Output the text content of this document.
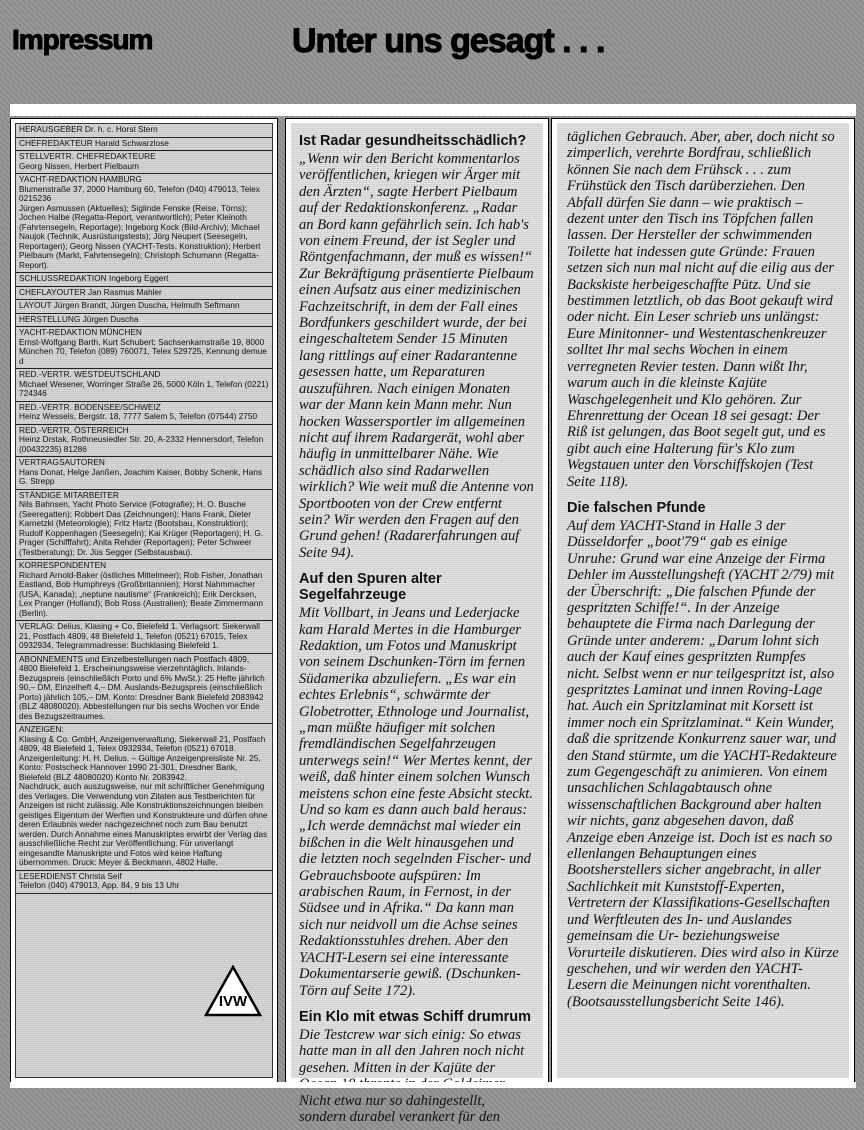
Impressum	Unter uns gesagt . . .
HERAUSGEBER Dr. h. c. Horst Stern
CHEFREDAKTEUR Harald Schwarzlose
STELLVERTR. CHEFREDAKTEURE
Georg Nissen, Herbert Pielbaum
YACHT-REDAKTION HAMBURG
Blumenstraße 37, 2000 Hamburg 60, Telefon (040) 479013, Telex 0215236
Jürgen Asmussen (Aktuelles); Siglinde Fenske (Reise, Törns); Jochen Halbe (Regatta-Report, verantwortlich); Peter Kleinoth (Fahrtensegeln, Reportage); Ingeborg Kock (Bild-Archiv); Michael Naujok (Technik, Ausrüstungstests); Jörg Neupert (Seesegeln, Reportagen); Georg Nissen (YACHT-Tests, Konstruktion); Herbert Pielbaum (Markt, Fahrtensegeln); Christoph Schumann (Regatta-Report).
SCHLUSSREDAKTION Ingeborg Eggert
CHEFLAYOUTER Jan Rasmus Mahler
LAYOUT Jürgen Brandt, Jürgen Duscha, Helmuth Seftmann
HERSTELLUNG Jürgen Duscha
YACHT-REDAKTION MÜNCHEN
Ernst-Wolfgang Barth, Kurt Schubert; Sachsenkamstraße 19, 8000 München 70, Telefon (089) 760071, Telex 529725, Kennung demue d
RED.-VERTR. WESTDEUTSCHLAND
Michael Wesener, Worringer Straße 26, 5000 Köln 1, Telefon (0221) 724346
RED.-VERTR. BODENSEE/SCHWEIZ
Heinz Wessels, Bergstr. 18, 7777 Salem 5, Telefon (07544) 2750
RED.-VERTR. ÖSTERREICH
Heinz Drstak, Rothneusiedler Str. 20, A-2332 Hennersdorf, Telefon (00432235) 81286
VERTRAGSAUTOREN
Hans Donat, Helge Janßen, Joachim Kaiser, Bobby Schenk, Hans G. Strepp
STÄNDIGE MITARBEITER
Nils Bahnsen, Yacht Photo Service (Fotografie); H. O. Busche (Seeregatten); Robbert Das (Zeichnungen); Hans Frank, Dieter Karnetzki (Meteorologie); Fritz Hartz (Bootsbau, Konstruktion); Rudolf Koppenhagen (Seesegeln); Kai Krüger (Reportagen); H. G. Prager (Schifffahrt); Anita Rehder (Reportagen); Peter Schweer (Testberatung); Dr. Jüs Segger (Selbstausbau).
KORRESPONDENTEN
Richard Arnold-Baker (östliches Mittelmeer); Rob Fisher, Jonathan Eastland, Bob Humphreys (Großbritannien); Horst Nahmmacher (USA, Kanada); „neptune nautisme“ (Frankreich); Erik Dercksen, Lex Pranger (Holland); Bob Ross (Australien); Beate Zimmermann (Berlin).
VERLAG: Delius, Klasing + Co, Bielefeld 1. Verlagsort: Siekerwall 21, Postfach 4809, 48 Bielefeld 1, Telefon (0521) 67015, Telex 0932934, Telegrammadresse: Buchklasing Bielefeld 1.
ABONNEMENTS und Einzelbestellungen nach Postfach 4809, 4800 Bielefeld 1. Erscheinungsweise vierzehntäglich. Inlands-Bezugspreis (einschließlich Porto und 6% MwSt.): 25 Hefte jährlich 90,– DM, Einzelheft 4,– DM. Auslands-Bezugspreis (einschließlich Porto) jährlich 105,– DM. Konto: Dresdner Bank Bielefeld 2083942 (BLZ 48080020). Abbestellungen nur bis sechs Wochen vor Ende des Bezugszeitraumes.
ANZEIGEN:
Klasing & Co. GmbH, Anzeigenverwaltung, Siekerwall 21, Postfach 4809, 48 Bielefeld 1, Telex 0932934, Telefon (0521) 67018. Anzeigenleitung: H. H. Delius. – Gültige Anzeigenpreisliste Nr. 25, Konto: Postscheck Hannover 1990 21-301, Dresdner Bank, Bielefeld (BLZ 48080020) Konto Nr. 2083942.
Nachdruck, auch auszugsweise, nur mit schriftlicher Genehmigung des Verlages. Die Verwendung von Zitaten aus Testberichten für Anzeigen ist nicht zulässig. Alle Konstruktionszeichnungen bleiben geistiges Eigentum der Werften und Konstrukteure und dürfen ohne deren Erlaubnis weder nachgezeichnet noch zum Bau benutzt werden. Durch Annahme eines Manuskriptes erwirbt der Verlag das ausschließliche Recht zur Veröffentlichung. Für unverlangt eingesandte Manuskripte und Fotos wird keine Haftung übernommen. Druck: Meyer & Beckmann, 4802 Halle.
LESERDIENST Christa Seif
Telefon (040) 479013, App. 84, 9 bis 13 Uhr
IVW
Ist Radar gesundheitsschädlich?

„Wenn wir den Bericht kommentarlos veröffentlichen, kriegen wir Ärger mit den Ärzten“, sagte Herbert Pielbaum auf der Redaktionskonferenz. „Radar an Bord kann gefährlich sein. Ich hab's von einem Freund, der ist Segler und Röntgenfachmann, der muß es wissen!“ Zur Bekräftigung präsentierte Pielbaum einen Aufsatz aus einer medizinischen Fachzeitschrift, in dem der Fall eines Bordfunkers geschildert wurde, der bei eingeschaltetem Sender 15 Minuten lang rittlings auf einer Radarantenne gesessen hatte, um Reparaturen auszuführen. Nach einigen Monaten war der Mann kein Mann mehr. Nun hocken Wassersportler im allgemeinen nicht auf ihrem Radargerät, wohl aber häufig in unmittelbarer Nähe. Wie schädlich also sind Radarwellen wirklich? Wie weit muß die Antenne von Sportbooten von der Crew entfernt sein? Wir werden den Fragen auf den Grund gehen! (Radarerfahrungen auf Seite 94).

Auf den Spuren alter Segelfahrzeuge

Mit Vollbart, in Jeans und Lederjacke kam Harald Mertes in die Hamburger Redaktion, um Fotos und Manuskript von seinem Dschunken-Törn im fernen Südamerika abzuliefern. „Es war ein echtes Erlebnis“, schwärmte der Globetrotter, Ethnologe und Journalist, „man müßte häufiger mit solchen fremdländischen Segelfahrzeugen unterwegs sein!“ Wer Mertes kennt, der weiß, daß hinter einem solchen Wunsch meistens schon eine feste Absicht steckt. Und so kam es dann auch bald heraus: „Ich werde demnächst mal wieder ein bißchen in die Welt hinausgehen und die letzten noch segelnden Fischer- und Gebrauchsboote aufspüren: Im arabischen Raum, in Fernost, in der Südsee und in Afrika.“ Da kann man sich nur neidvoll um die Achse seines Redaktionsstuhles drehen. Aber den YACHT-Lesern sei eine interessante Dokumentarserie gewiß. (Dschunken-Törn auf Seite 172).

Ein Klo mit etwas Schiff drumrum

Die Testcrew war sich einig: So etwas hatte man in all den Jahren noch nicht gesehen. Mitten in der Kajüte der Nicht etwa nur so dahingestellt, sondern durabel verankert für den

täglichen Gebrauch. Aber, aber, doch nicht so zimperlich, verehrte Bordfrau, schließlich können Sie nach dem Frühsck . . . zum Frühstück den Tisch darüberziehen. Den Abfall dürfen Sie dann – wie praktisch – dezent unter den Tisch ins Töpfchen fallen lassen. Der Hersteller der schwimmenden Toilette hat indessen gute Gründe: Frauen setzen sich nun mal nicht auf die eilig aus der Backskiste herbeigeschaffte Pütz. Und sie bestimmen letztlich, ob das Boot gekauft wird oder nicht. Ein Leser schrieb uns unlängst: Eure Minitonner- und Westentaschenkreuzer solltet Ihr mal sechs Wochen in einem verregneten Revier testen. Dann wißt Ihr, warum auch in die kleinste Kajüte Waschgelegenheit und Klo gehören. Zur Ehrenrettung der Ocean 18 sei gesagt: Der Riß ist gelungen, das Boot segelt gut, und es gibt auch eine Halterung für's Klo zum Wegstauen unter den Vorschiffskojen (Test Seite 118).

Die falschen Pfunde

Auf dem YACHT-Stand in Halle 3 der Düsseldorfer „boot'79“ gab es einige Unruhe: Grund war eine Anzeige der Firma Dehler im Ausstellungsheft (YACHT 2/79) mit der Überschrift: „Die falschen Pfunde der gespritzten Schiffe!“. In der Anzeige behauptete die Firma nach Darlegung der Gründe unter anderem: „Darum lohnt sich auch der Kauf eines gespritzten Rumpfes nicht. Selbst wenn er nur teilgespritzt ist, also gespritztes Laminat und innen Roving-Lage hat. Auch ein Spritzlaminat mit Korsett ist immer noch ein Spritzlaminat.“ Kein Wunder, daß die spritzende Konkurrenz sauer war, und den Stand stürmte, um die YACHT-Redakteure zum Gegengeschäft zu animieren. Von einem unsachlichen Schlagabtausch ohne wissenschaftlichen Background aber halten wir nichts, ganz abgesehen davon, daß Anzeige eben Anzeige ist. Doch ist es nach so ellenlangen Behauptungen eines Bootsherstellers sicher angebracht, in aller Sachlichkeit mit Kunststoff-Experten, Vertretern der Klassifikations-Gesellschaften und Werftleuten des In- und Auslandes gemeinsam die Ur- beziehungsweise Vorurteile diskutieren. Dies wird also in Kürze geschehen, und wir werden den YACHT-Lesern die Meinungen nicht vorenthalten. (Bootsausstellungsbericht Seite 146).
